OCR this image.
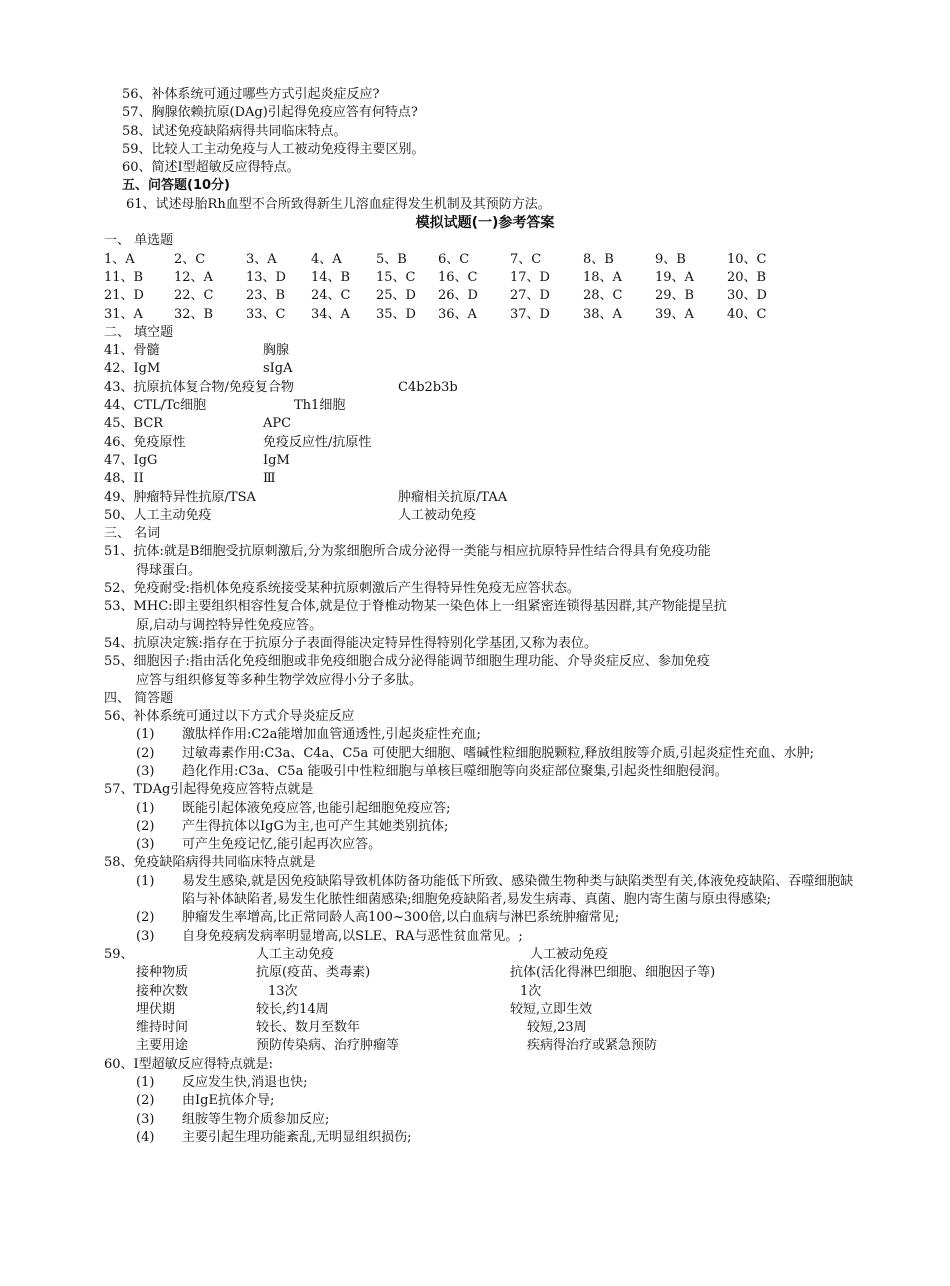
56、补体系统可通过哪些方式引起炎症反应?
57、胸腺依赖抗原(DAg)引起得免疫应答有何特点?
58、试述免疫缺陷病得共同临床特点。
59、比较人工主动免疫与人工被动免疫得主要区别。
60、简述I型超敏反应得特点。
五、问答题(10分)
61、试述母胎Rh血型不合所致得新生儿溶血症得发生机制及其预防方法。
模拟试题(一)参考答案
一、 单选题
1、A	2、C	3、A	4、A	5、B 6、C	7、C	8、B	9、B	10、C
11、B 12、A	13、D 14、B 15、C 16、C	17、D	18、A	19、A	20、B
21、D 22、C	23、B 24、C 25、D 26、D 27、D	28、C	29、B	30、D
31、A 32、B	33、C 34、A 35、D 36、A	37、D	38、A	39、A	40、C
二、 填空题
41、骨髓	胸腺
42、IgM	sIgA
43、抗原抗体复合物/免疫复合物	C4b2b3b
44、CTL/Tc细胞	Th1细胞
45、BCR	APC
46、免疫原性	免疫反应性/抗原性
47、IgG	IgM
48、II	Ⅲ
49、肿瘤特异性抗原/TSA	肿瘤相关抗原/TAA
50、人工主动免疫	人工被动免疫
三、 名词
51、抗体:就是B细胞受抗原刺激后,分为浆细胞所合成分泌得一类能与相应抗原特异性结合得具有免疫功能
得球蛋白。
52、免疫耐受:指机体免疫系统接受某种抗原刺激后产生得特异性免疫无应答状态。
53、MHC:即主要组织相容性复合体,就是位于脊椎动物某一染色体上一组紧密连锁得基因群,其产物能提呈抗
原,启动与调控特异性免疫应答。
54、抗原决定簇:指存在于抗原分子表面得能决定特异性得特别化学基团,又称为表位。
55、细胞因子:指由活化免疫细胞或非免疫细胞合成分泌得能调节细胞生理功能、介导炎症反应、参加免疫
应答与组织修复等多种生物学效应得小分子多肽。
四、 简答题
56、补体系统可通过以下方式介导炎症反应
(1) 激肽样作用:C2a能增加血管通透性,引起炎症性充血;
(2) 过敏毒素作用:C3a、C4a、C5a 可使肥大细胞、嗜碱性粒细胞脱颗粒,释放组胺等介质,引起炎症性充血、水肿;
(3) 趋化作用:C3a、C5a 能吸引中性粒细胞与单核巨噬细胞等向炎症部位聚集,引起炎性细胞侵润。
57、TDAg引起得免疫应答特点就是
(1) 既能引起体液免疫应答,也能引起细胞免疫应答;
(2) 产生得抗体以IgG为主,也可产生其她类别抗体;
(3) 可产生免疫记忆,能引起再次应答。
58、免疫缺陷病得共同临床特点就是
(1) 易发生感染,就是因免疫缺陷导致机体防备功能低下所致、感染微生物种类与缺陷类型有关,体液免疫缺陷、吞噬细胞缺陷与补体缺陷者,易发生化脓性细菌感染;细胞免疫缺陷者,易发生病毒、真菌、胞内寄生菌与原虫得感染;
(2) 肿瘤发生率增高,比正常同龄人高100~300倍,以白血病与淋巴系统肿瘤常见;
(3) 自身免疫病发病率明显增高,以SLE、RA与恶性贫血常见。;
59、	人工主动免疫	人工被动免疫
接种物质	抗原(疫苗、类毒素)	抗体(活化得淋巴细胞、细胞因子等)
接种次数	13次	1次
埋伏期	较长,约14周	较短,立即生效
维持时间	较长、数月至数年	较短,23周
主要用途	预防传染病、治疗肿瘤等	疾病得治疗或紧急预防
60、I型超敏反应得特点就是:
(1) 反应发生快,消退也快;
(2) 由IgE抗体介导;
(3) 组胺等生物介质参加反应;
(4) 主要引起生理功能紊乱,无明显组织损伤;
